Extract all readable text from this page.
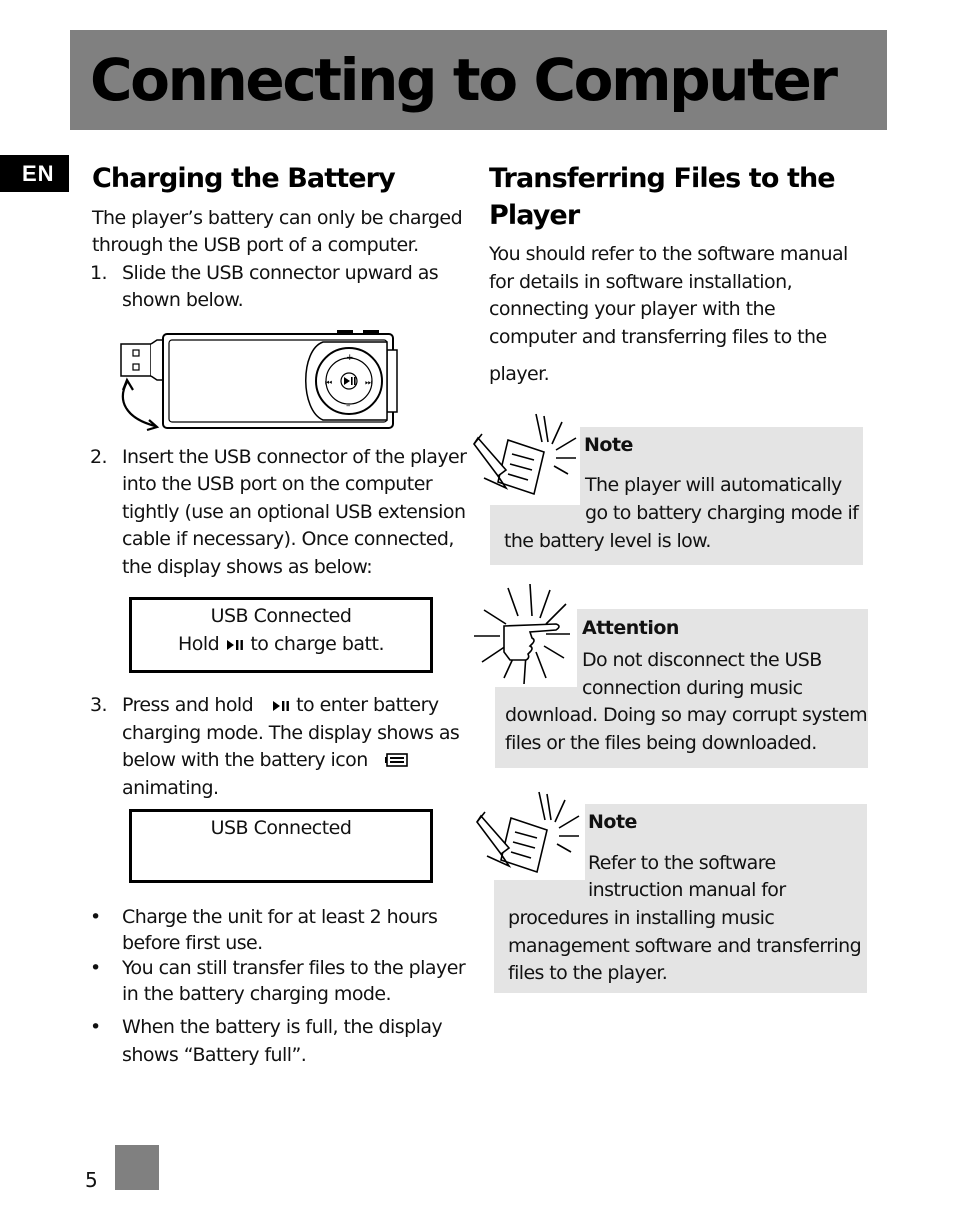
Connecting to Computer
EN	Charging the Battery

The player’s battery can only be charged

through the USB port of a computer.

1. Slide the USB connector upward as

shown below.

+
–
⏮	⏭

2. Insert the USB connector of the player

into the USB port on the computer

tightly (use an optional USB extension

cable if necessary). Once connected,

the display shows as below:

USB Connected
Hold to charge batt.

3. Press and hold to enter battery

charging mode. The display shows as

below with the battery icon

animating.

USB Connected

• Charge the unit for at least 2 hours

before first use.

• You can still transfer files to the player

in the battery charging mode.

• When the battery is full, the display

shows “Battery full”.

Transferring Files to the
Player

You should refer to the software manual

for details in software installation,

connecting your player with the

computer and transferring files to the

player.

Note

The player will automatically

go to battery charging mode if

the battery level is low.

Attention

Do not disconnect the USB

connection during music

download. Doing so may corrupt system

files or the files being downloaded.

Note

Refer to the software

instruction manual for

procedures in installing music

management software and transferring

files to the player.

5
